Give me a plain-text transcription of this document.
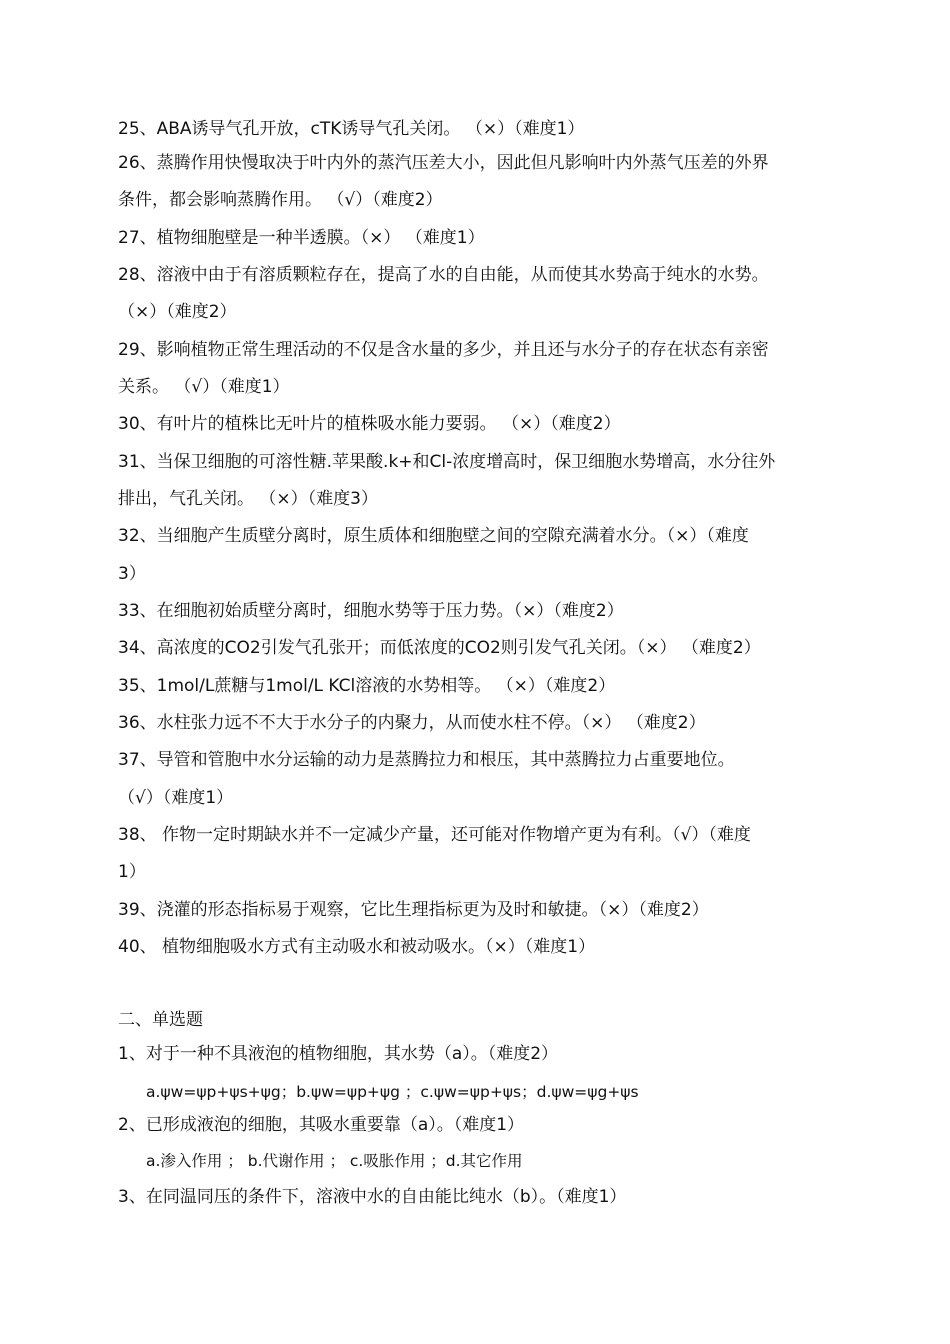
25、ABA诱导气孔开放，cTK诱导气孔关闭。 （×）（难度1）
26、蒸腾作用快慢取决于叶内外的蒸汽压差大小，因此但凡影响叶内外蒸气压差的外界
条件，都会影响蒸腾作用。 （√）（难度2）
27、植物细胞壁是一种半透膜。（×） （难度1）
28、溶液中由于有溶质颗粒存在，提高了水的自由能，从而使其水势高于纯水的水势。
（×）（难度2）
29、影响植物正常生理活动的不仅是含水量的多少，并且还与水分子的存在状态有亲密
关系。 （√）（难度1）
30、有叶片的植株比无叶片的植株吸水能力要弱。 （×）（难度2）
31、当保卫细胞的可溶性糖.苹果酸.k+和Cl-浓度增高时，保卫细胞水势增高，水分往外
排出，气孔关闭。 （×）（难度3）
32、当细胞产生质壁分离时，原生质体和细胞壁之间的空隙充满着水分。（×）（难度
3）
33、在细胞初始质壁分离时，细胞水势等于压力势。（×）（难度2）
34、高浓度的CO2引发气孔张开；而低浓度的CO2则引发气孔关闭。（×） （难度2）
35、1mol/L蔗糖与1mol/L KCl溶液的水势相等。 （×）（难度2）
36、水柱张力远不不大于水分子的内聚力，从而使水柱不停。（×） （难度2）
37、导管和管胞中水分运输的动力是蒸腾拉力和根压，其中蒸腾拉力占重要地位。
（√）（难度1）
38、 作物一定时期缺水并不一定减少产量，还可能对作物增产更为有利。（√）（难度
1）
39、浇灌的形态指标易于观察，它比生理指标更为及时和敏捷。（×）（难度2）
40、 植物细胞吸水方式有主动吸水和被动吸水。（×）（难度1）
二、单选题
1、对于一种不具液泡的植物细胞，其水势（a）。（难度2）
a.ψw=ψp+ψs+ψg；b.ψw=ψp+ψg ；c.ψw=ψp+ψs；d.ψw=ψg+ψs
2、已形成液泡的细胞，其吸水重要靠（a）。（难度1）
a.渗入作用 ； b.代谢作用 ； c.吸胀作用 ；d.其它作用
3、在同温同压的条件下，溶液中水的自由能比纯水（b）。（难度1）
